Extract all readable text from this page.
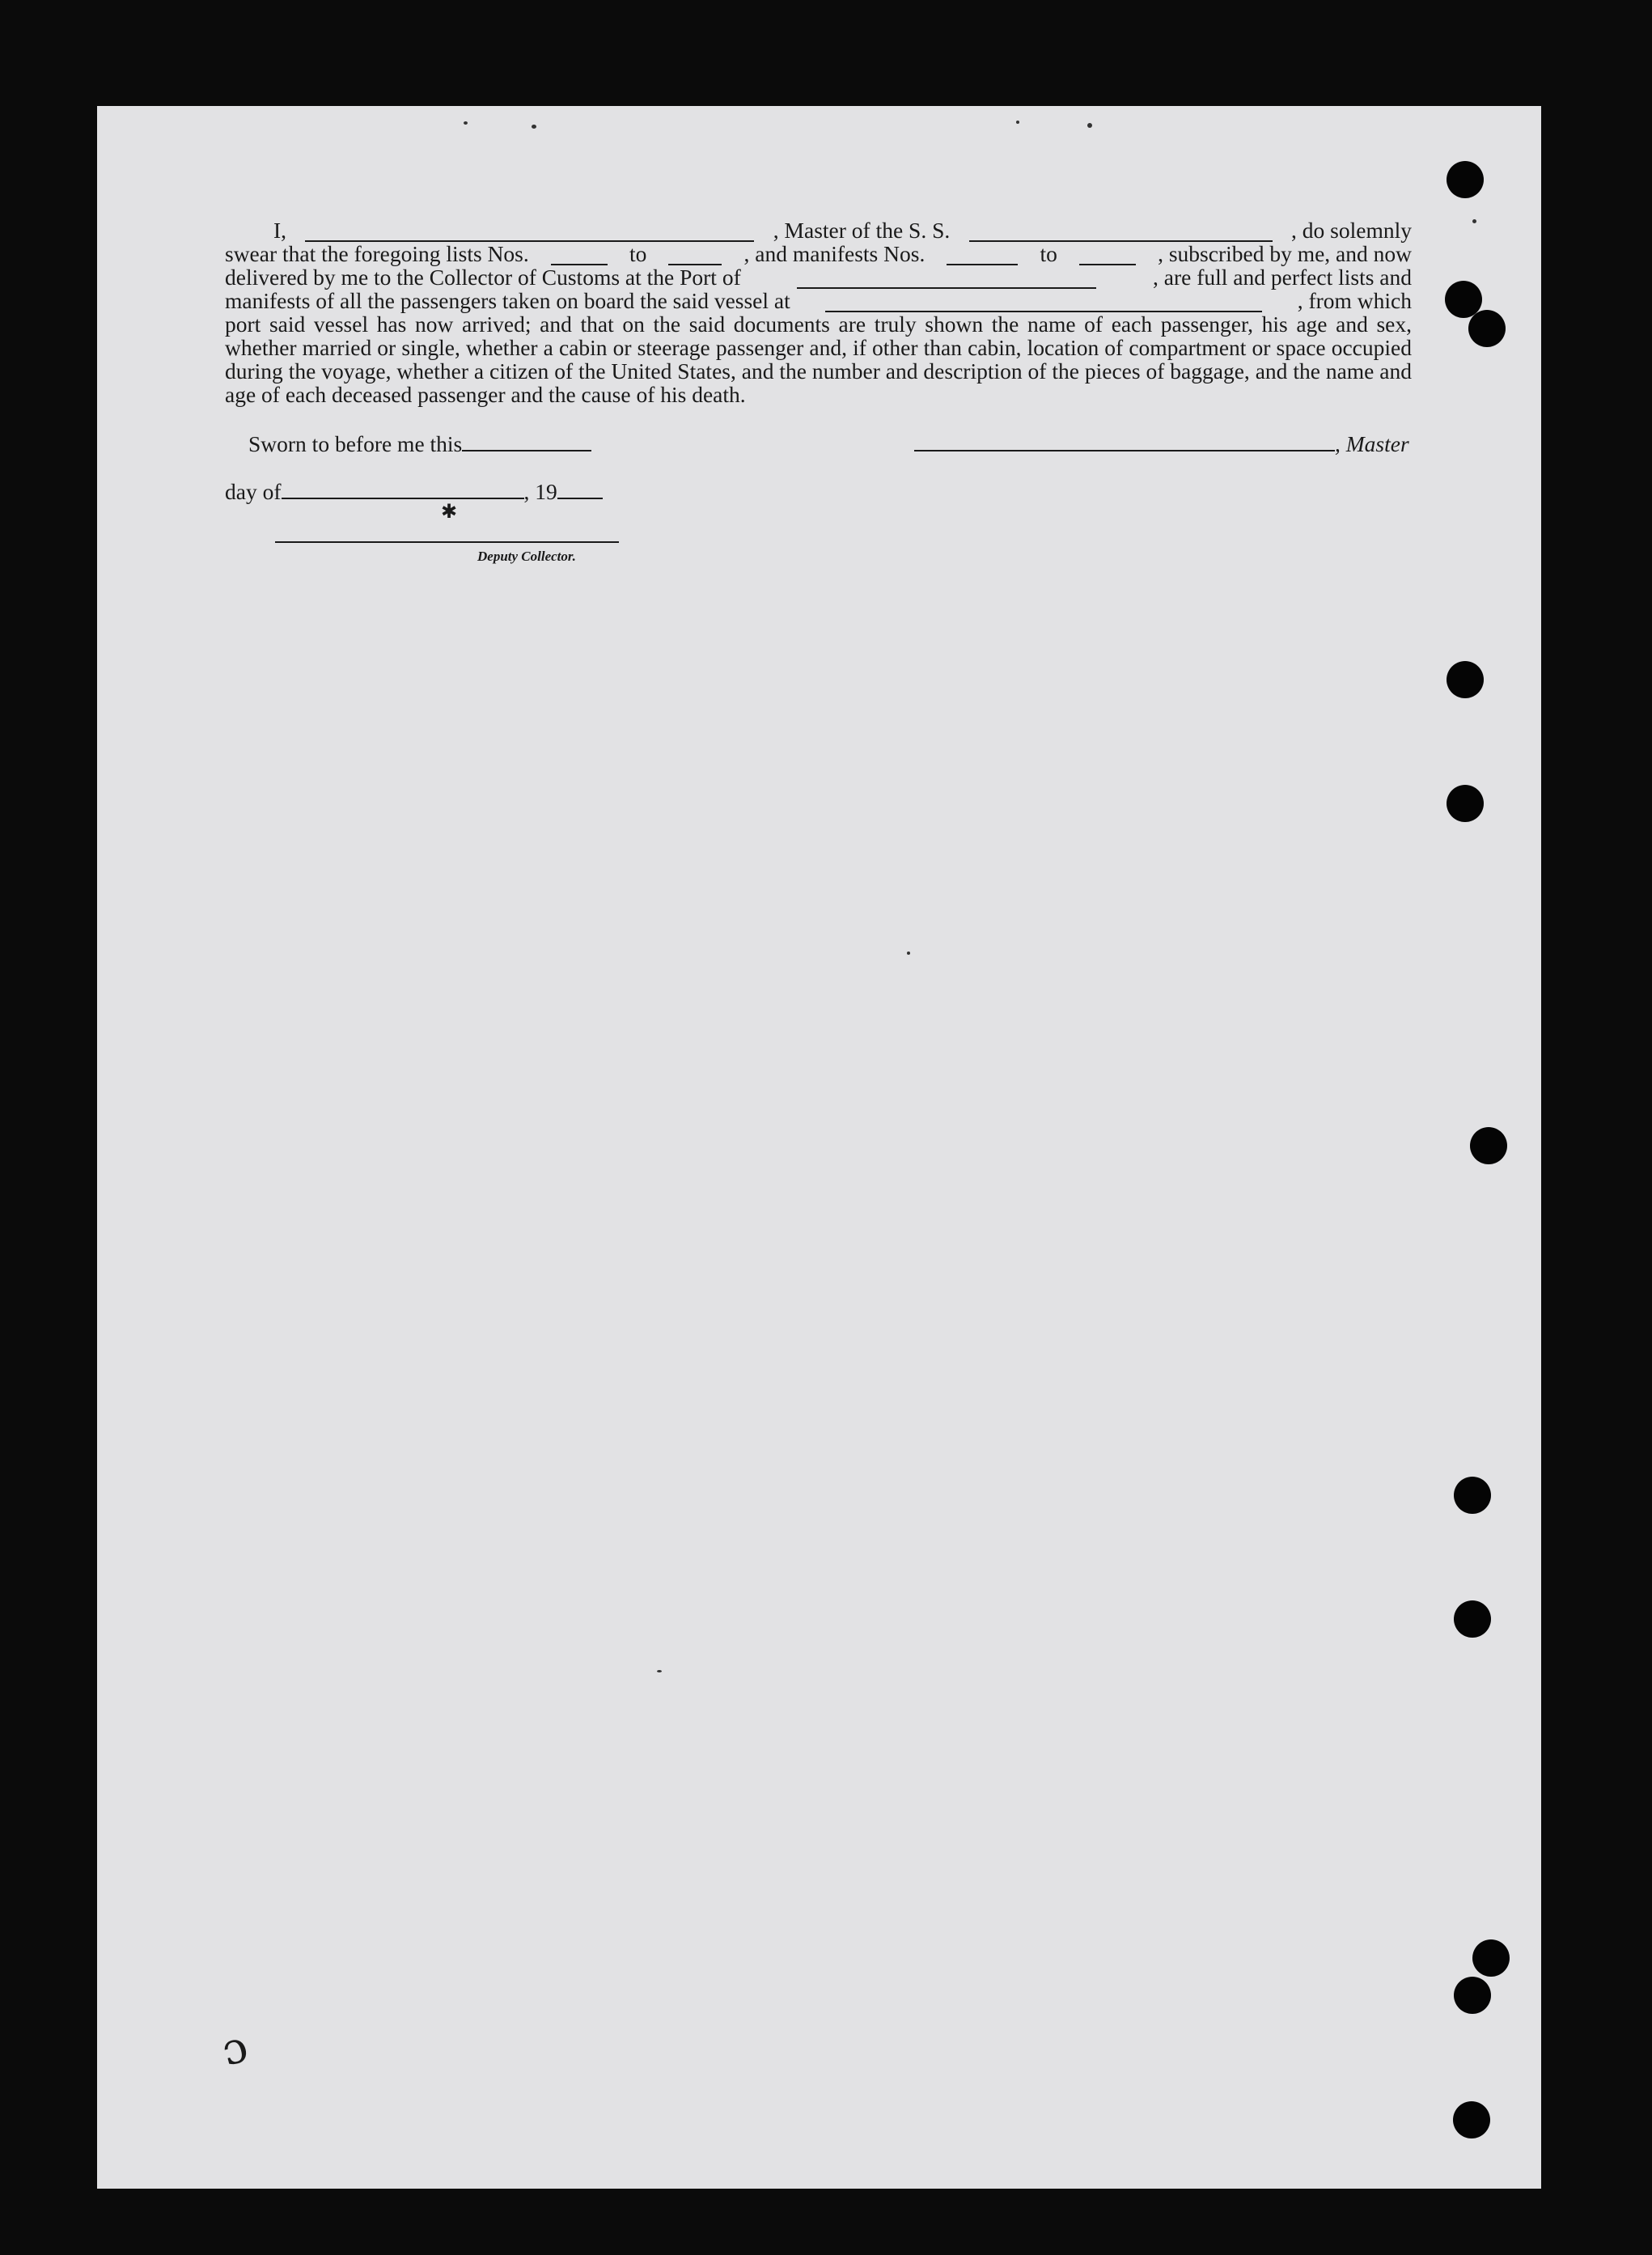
I,	, Master of the S. S.	, do solemnly
swear that the foregoing lists Nos.	to	, and manifests Nos.	to	, subscribed by me, and now
delivered by me to the Collector of Customs at the Port of	, are full and perfect lists and
manifests of all the passengers taken on board the said vessel at	, from which
port said vessel has now arrived; and that on the said documents are truly shown the name of each passenger, his age and sex, whether married or single, whether a cabin or steerage passenger and, if other than cabin, location of compartment or space occupied during the voyage, whether a citizen of the United States, and the number and description of the pieces of baggage, and the name and age of each deceased passenger and the cause of his death.
Sworn to before me this	, Master
day of	, 19
Deputy Collector.
✱
ɔ
